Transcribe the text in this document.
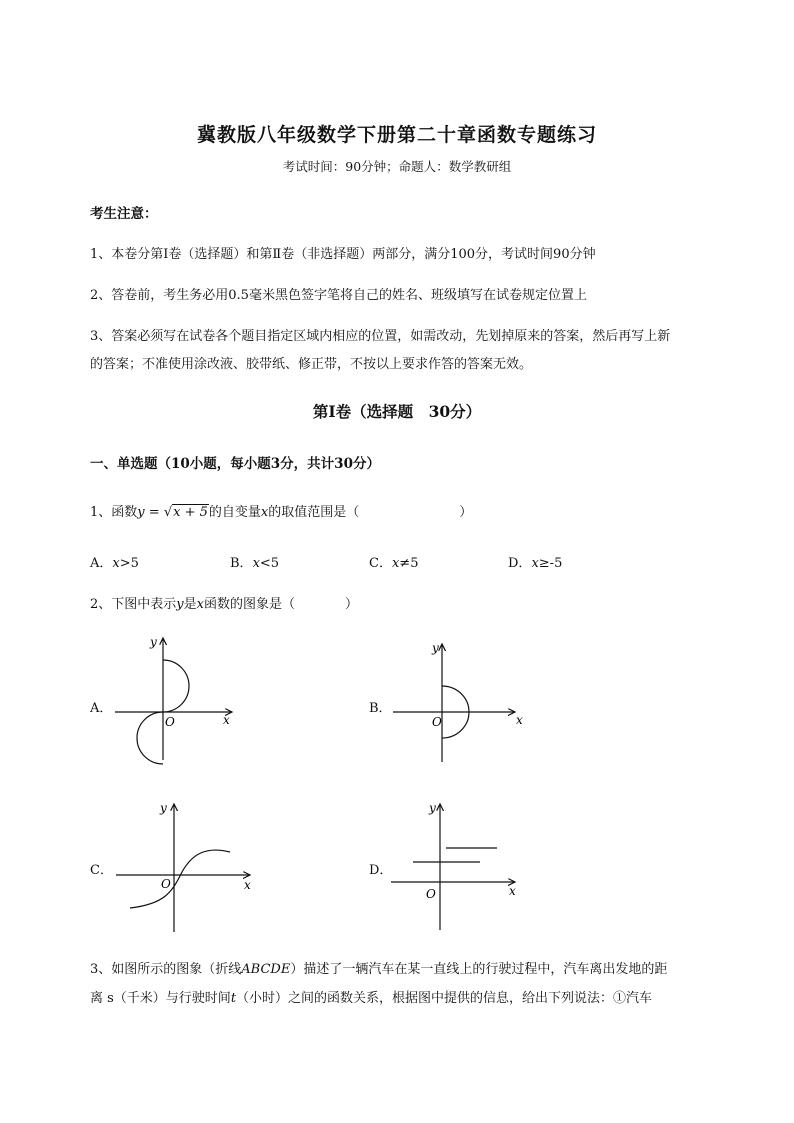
冀教版八年级数学下册第二十章函数专题练习
考试时间：90分钟；命题人：数学教研组
考生注意：
1、本卷分第I卷（选择题）和第Ⅱ卷（非选择题）两部分，满分100分，考试时间90分钟
2、答卷前，考生务必用0.5毫米黑色签字笔将自己的姓名、班级填写在试卷规定位置上
3、答案必须写在试卷各个题目指定区域内相应的位置，如需改动，先划掉原来的答案，然后再写上新
的答案；不准使用涂改液、胶带纸、修正带，不按以上要求作答的答案无效。
第I卷（选择题　30分）
一、单选题（10小题，每小题3分，共计30分）
1、函数y = √x + 5的自变量x的取值范围是（	）
A．x>5	B．x<5	C．x≠5	D．x≥-5
2、下图中表示y是x函数的图象是（	）
A．
y
O	x
B．
y
O	x
C．
y
O	x
D．
y
O	x
3、如图所示的图象（折线ABCDE）描述了一辆汽车在某一直线上的行驶过程中，汽车离出发地的距
离 s（千米）与行驶时间t（小时）之间的函数关系，根据图中提供的信息，给出下列说法：①汽车
